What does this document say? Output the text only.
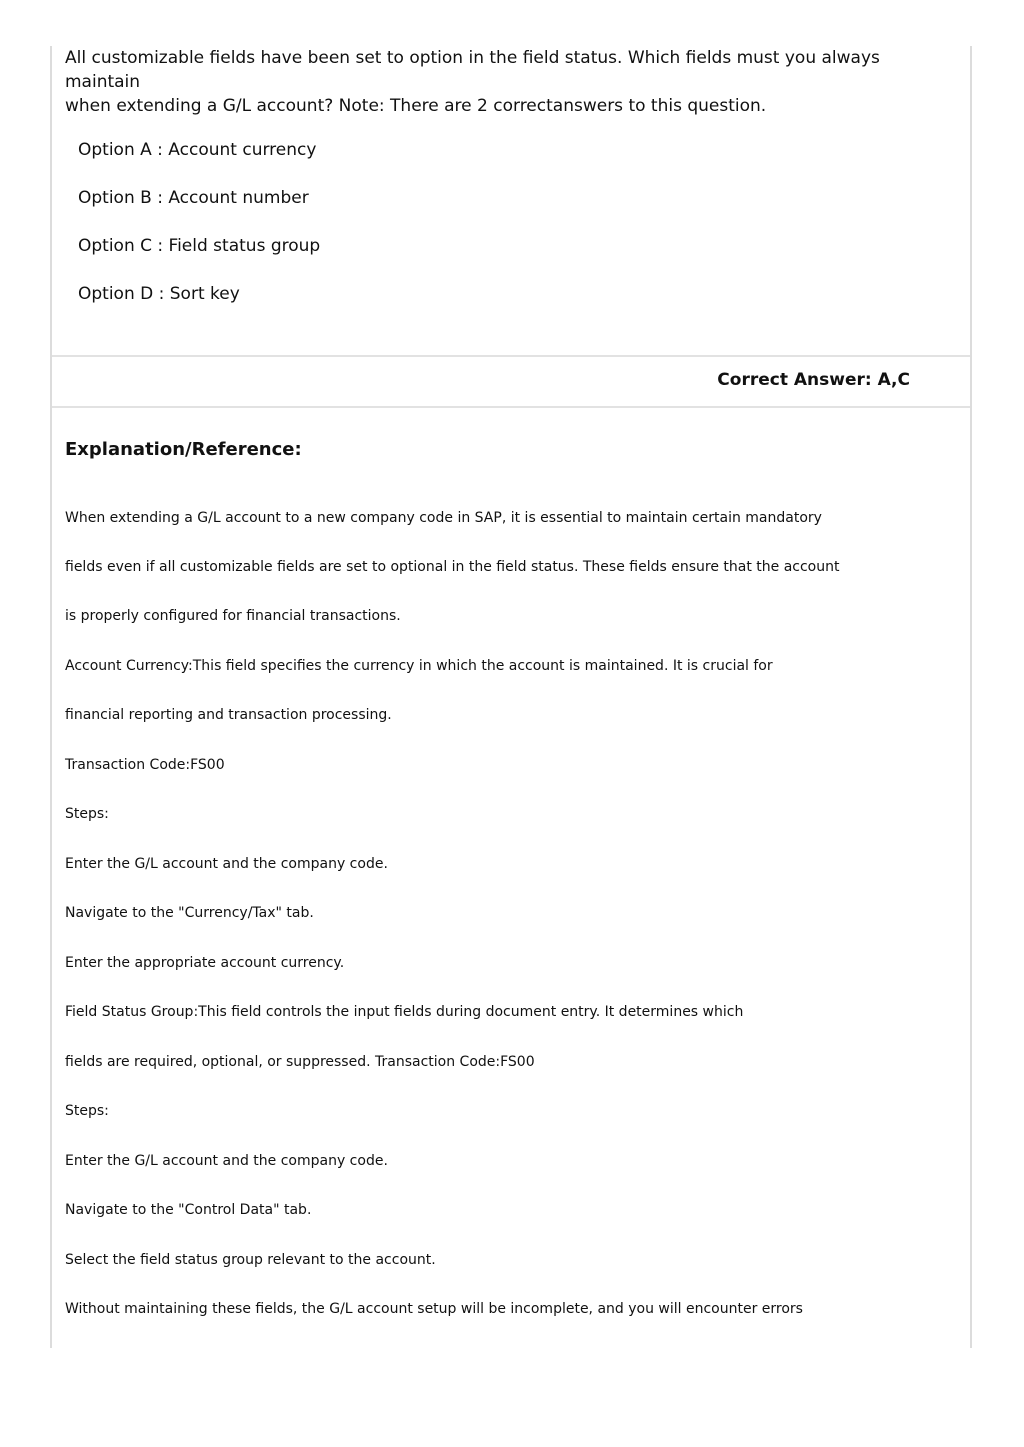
All customizable fields have been set to option in the field status. Which fields must you always maintain
when extending a G/L account? Note: There are 2 correctanswers to this question.
Option A : Account currency
Option B : Account number
Option C : Field status group
Option D : Sort key
Correct Answer: A,C
Explanation/Reference:
When extending a G/L account to a new company code in SAP, it is essential to maintain certain mandatory
fields even if all customizable fields are set to optional in the field status. These fields ensure that the account
is properly configured for financial transactions.
Account Currency:This field specifies the currency in which the account is maintained. It is crucial for
financial reporting and transaction processing.
Transaction Code:FS00
Steps:
Enter the G/L account and the company code.
Navigate to the "Currency/Tax" tab.
Enter the appropriate account currency.
Field Status Group:This field controls the input fields during document entry. It determines which
fields are required, optional, or suppressed. Transaction Code:FS00
Steps:
Enter the G/L account and the company code.
Navigate to the "Control Data" tab.
Select the field status group relevant to the account.
Without maintaining these fields, the G/L account setup will be incomplete, and you will encounter errors
